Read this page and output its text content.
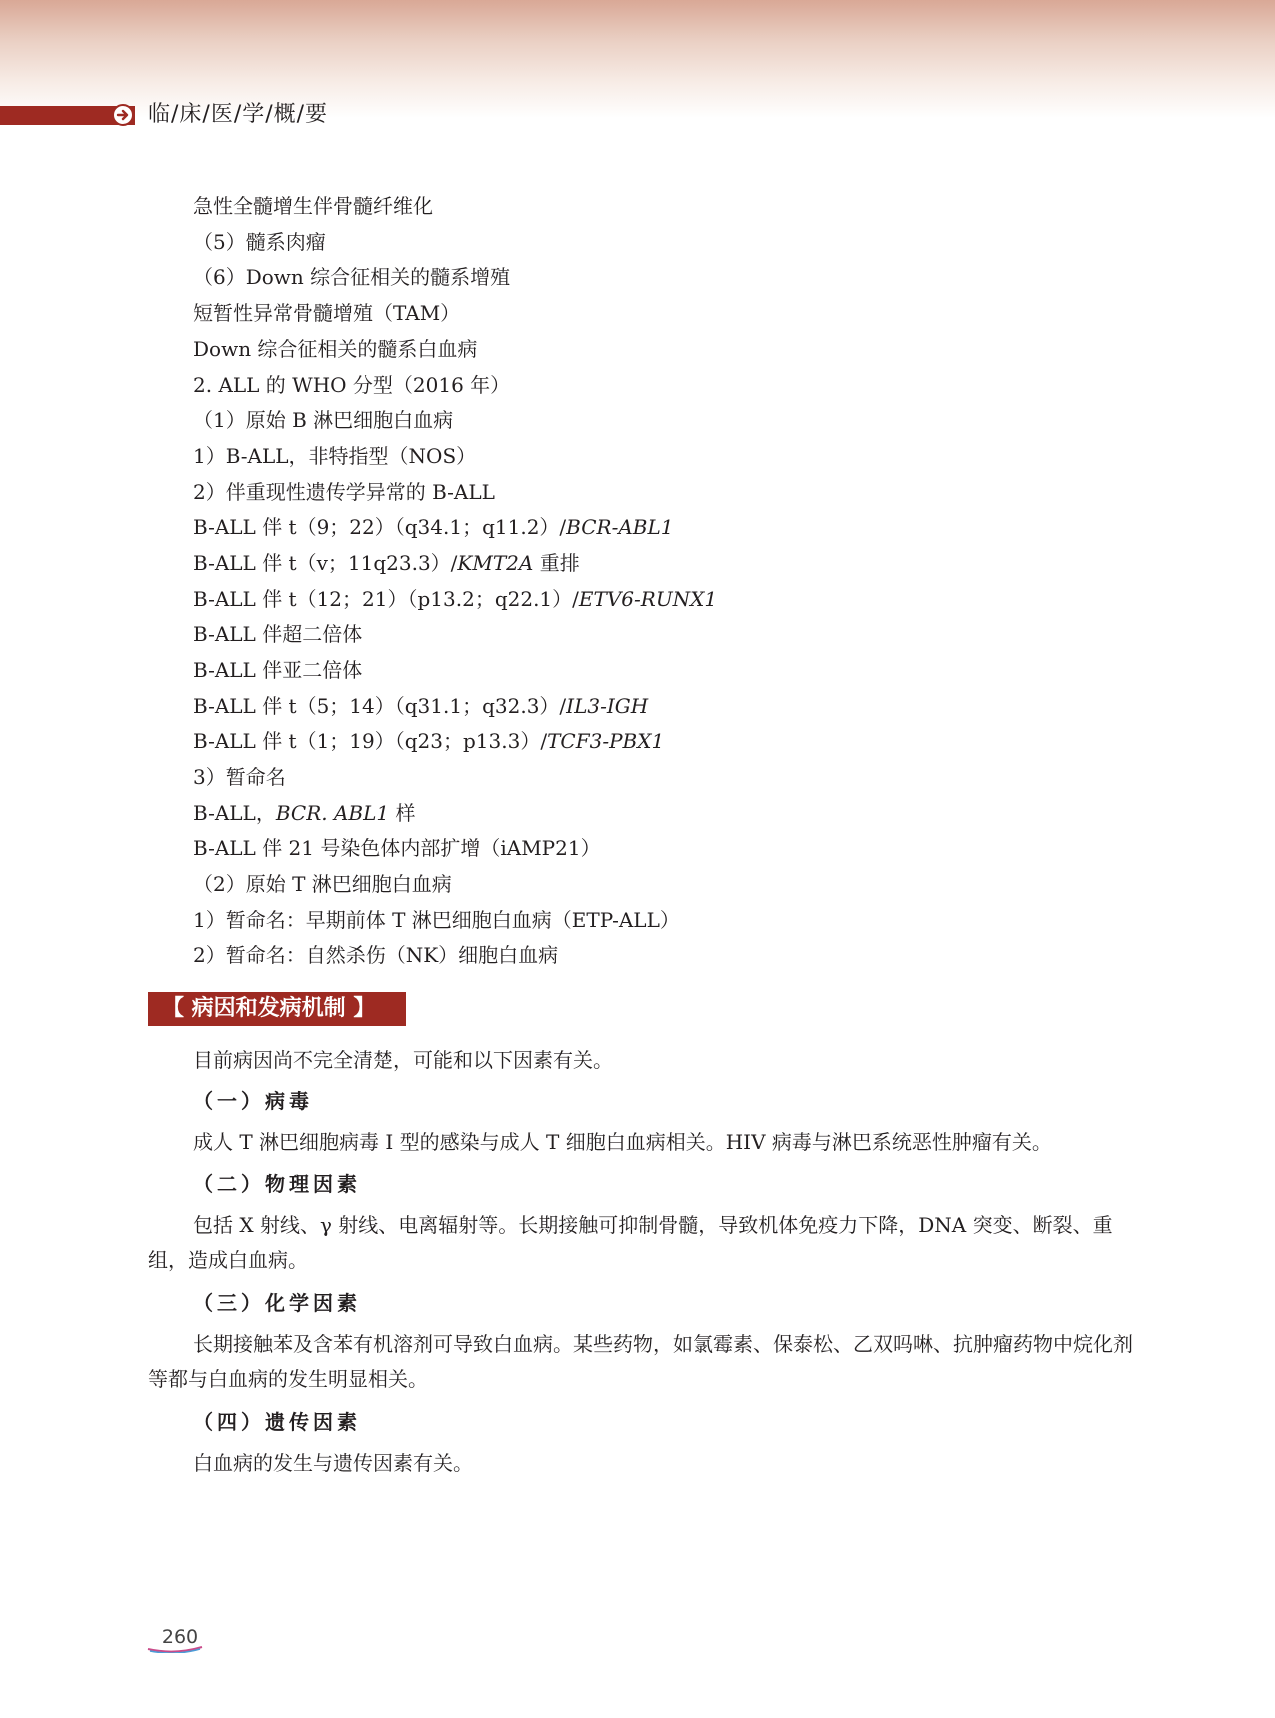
临/床/医/学/概/要
急性全髓增生伴骨髓纤维化
（5）髓系肉瘤
（6）Down 综合征相关的髓系增殖
短暂性异常骨髓增殖（TAM）
Down 综合征相关的髓系白血病
2. ALL 的 WHO 分型（2016 年）
（1）原始 B 淋巴细胞白血病
1）B-ALL，非特指型（NOS）
2）伴重现性遗传学异常的 B-ALL
B-ALL 伴 t（9；22）（q34.1；q11.2）/BCR-ABL1
B-ALL 伴 t（v；11q23.3）/KMT2A 重排
B-ALL 伴 t（12；21）（p13.2；q22.1）/ETV6-RUNX1
B-ALL 伴超二倍体
B-ALL 伴亚二倍体
B-ALL 伴 t（5；14）（q31.1；q32.3）/IL3-IGH
B-ALL 伴 t（1；19）（q23；p13.3）/TCF3-PBX1
3）暂命名
B-ALL，BCR. ABL1 样
B-ALL 伴 21 号染色体内部扩增（iAMP21）
（2）原始 T 淋巴细胞白血病
1）暂命名：早期前体 T 淋巴细胞白血病（ETP-ALL）
2）暂命名：自然杀伤（NK）细胞白血病
【 病因和发病机制 】
目前病因尚不完全清楚，可能和以下因素有关。
（一）病毒
成人 T 淋巴细胞病毒 I 型的感染与成人 T 细胞白血病相关。HIV 病毒与淋巴系统恶性肿瘤有关。
（二）物理因素
包括 X 射线、γ 射线、电离辐射等。长期接触可抑制骨髓，导致机体免疫力下降，DNA 突变、断裂、重组，造成白血病。
（三）化学因素
长期接触苯及含苯有机溶剂可导致白血病。某些药物，如氯霉素、保泰松、乙双吗啉、抗肿瘤药物中烷化剂等都与白血病的发生明显相关。
（四）遗传因素
白血病的发生与遗传因素有关。
260
